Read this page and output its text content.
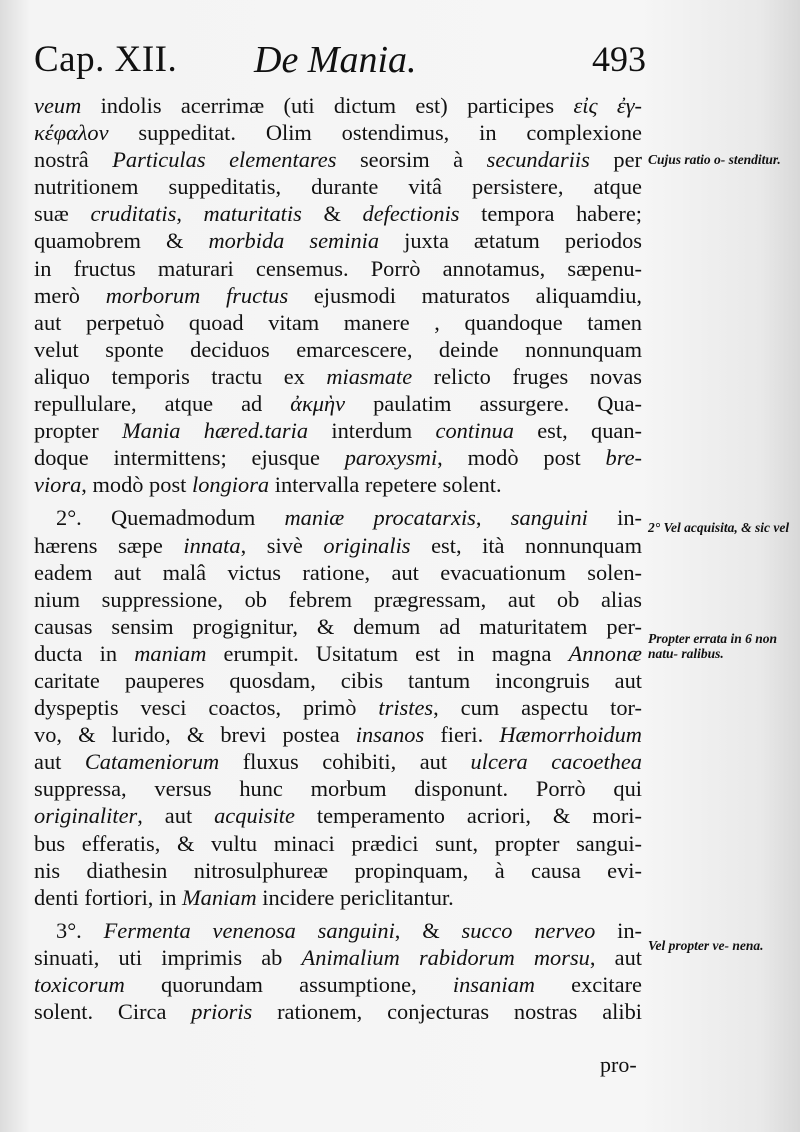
Cap. XII. De Mania.	493
veum indolis acerrimæ (uti dictum est) participes εἰς ἐγ-
κέφαλον suppeditat. Olim ostendimus, in complexione
nostrâ Particulas elementares seorsim à secundariis per
nutritionem suppeditatis, durante vitâ persistere, atque
suæ cruditatis, maturitatis & defectionis tempora habere;
quamobrem & morbida seminia juxta ætatum periodos
in fructus maturari censemus. Porrò annotamus, sæpenu-
merò morborum fructus ejusmodi maturatos aliquamdiu,
aut perpetuò quoad vitam manere , quandoque tamen
velut sponte deciduos emarcescere, deinde nonnunquam
aliquo temporis tractu ex miasmate relicto fruges novas
repullulare, atque ad ἀκμὴν paulatim assurgere. Qua-
propter Mania hæred.taria interdum continua est, quan-
doque intermittens; ejusque paroxysmi, modò post bre-
viora, modò post longiora intervalla repetere solent.
2°. Quemadmodum maniæ procatarxis, sanguini in-
hærens sæpe innata, sivè originalis est, ità nonnunquam
eadem aut malâ victus ratione, aut evacuationum solen-
nium suppressione, ob febrem prægressam, aut ob alias
causas sensim progignitur, & demum ad maturitatem per-
ducta in maniam erumpit. Usitatum est in magna Annonæ
caritate pauperes quosdam, cibis tantum incongruis aut
dyspeptis vesci coactos, primò tristes, cum aspectu tor-
vo, & lurido, & brevi postea insanos fieri. Hæmorrhoidum
aut Catameniorum fluxus cohibiti, aut ulcera cacoethea
suppressa, versus hunc morbum disponunt. Porrò qui
originaliter, aut acquisite temperamento acriori, & mori-
bus efferatis, & vultu minaci prædici sunt, propter sangui-
nis diathesin nitrosulphureæ propinquam, à causa evi-
denti fortiori, in Maniam incidere periclitantur.
3°. Fermenta venenosa sanguini, & succo nerveo in-
sinuati, uti imprimis ab Animalium rabidorum morsu, aut
toxicorum quorundam assumptione, insaniam excitare
solent. Circa prioris rationem, conjecturas nostras alibi
Cujus ratio o- stenditur.
2° Vel acquisita, & sic vel
Propter errata in 6 non natu- ralibus.
Vel propter ve- nena.
pro-
